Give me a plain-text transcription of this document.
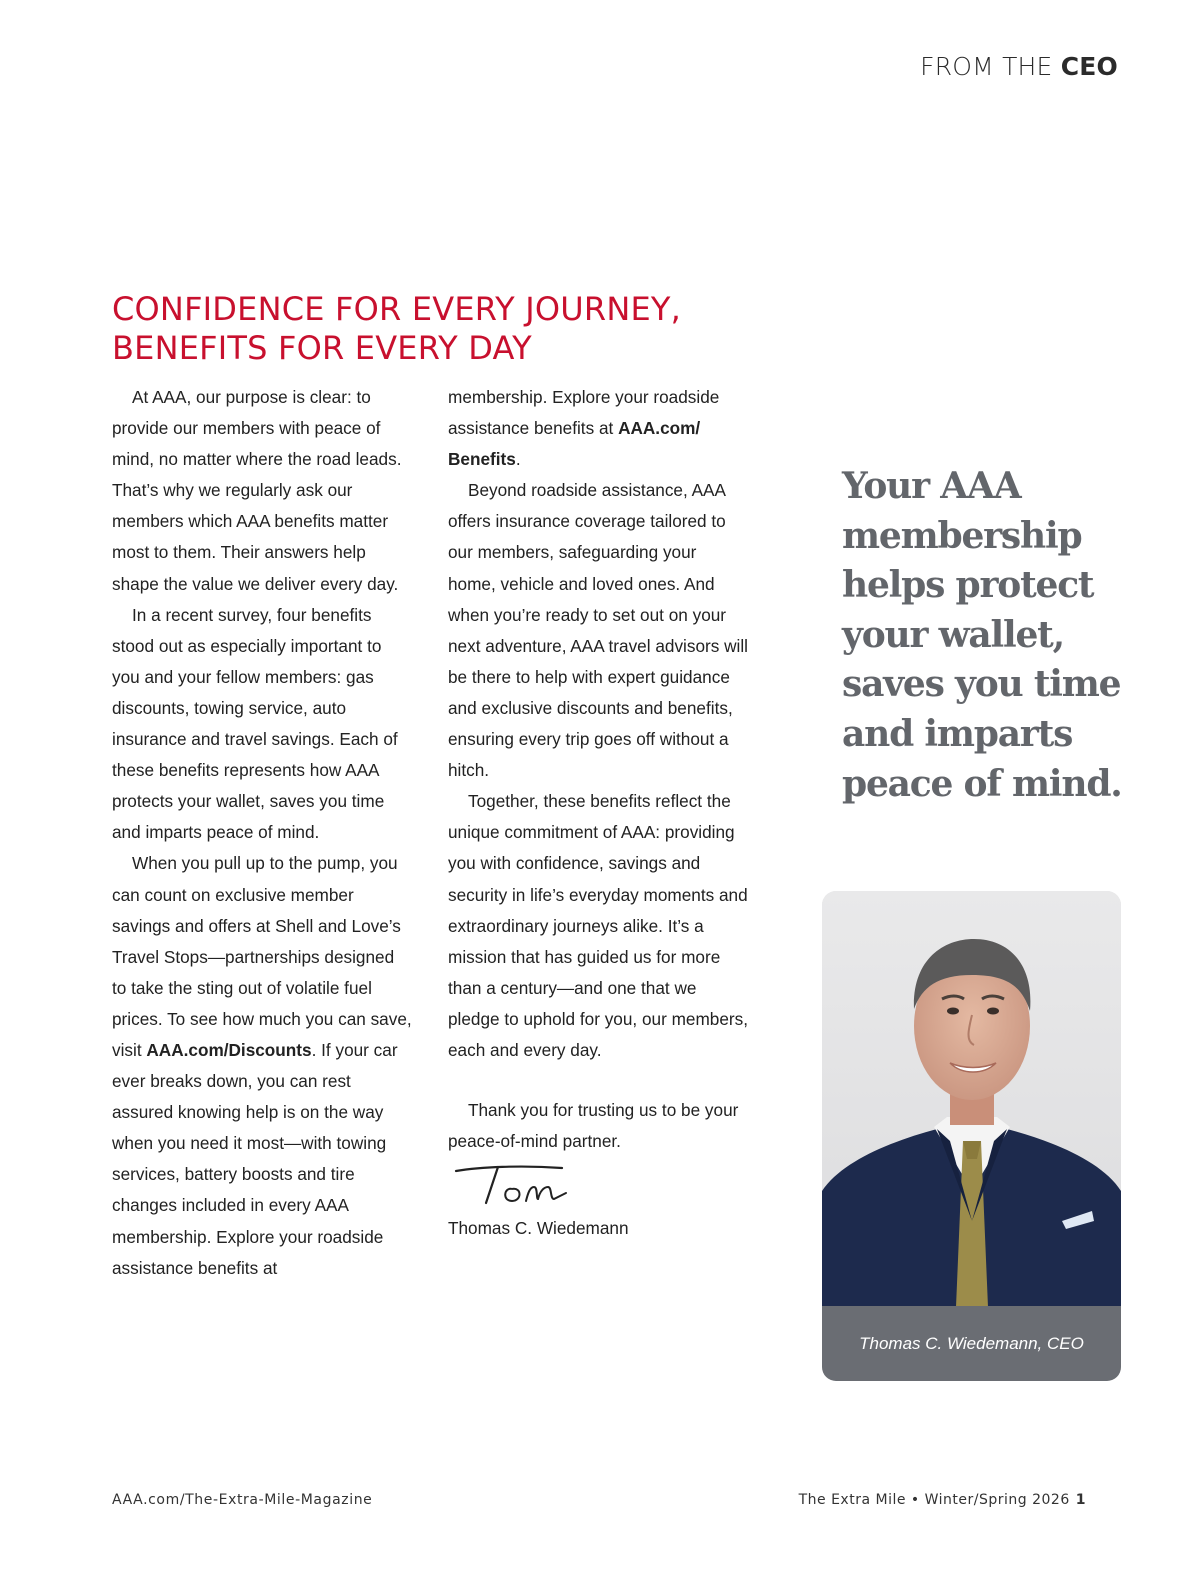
FROM THE CEO
CONFIDENCE FOR EVERY JOURNEY, BENEFITS FOR EVERY DAY

At AAA, our purpose is clear: to provide our members with peace of mind, no matter where the road leads. That’s why we regularly ask our members which AAA benefits matter most to them. Their answers help shape the value we deliver every day.

In a recent survey, four benefits stood out as especially important to you and your fellow members: gas discounts, towing service, auto insurance and travel savings. Each of these benefits represents how AAA protects your wallet, saves you time and imparts peace of mind.

When you pull up to the pump, you can count on exclusive member savings and offers at Shell and Love’s Travel Stops—partnerships designed to take the sting out of volatile fuel prices. To see how much you can save, visit AAA.com/Discounts. If your car ever breaks down, you can rest assured knowing help is on the way when you need it most—with towing services, battery boosts and tire changes included in every AAA membership. Explore your roadside assistance benefits at

membership. Explore your roadside assistance benefits at AAA.com/ Benefits.

Beyond roadside assistance, AAA offers insurance coverage tailored to our members, safeguarding your home, vehicle and loved ones. And when you’re ready to set out on your next adventure, AAA travel advisors will be there to help with expert guidance and exclusive discounts and benefits, ensuring every trip goes off without a hitch.

Together, these benefits reflect the unique commitment of AAA: providing you with confidence, savings and security in life’s everyday moments and extraordinary journeys alike. It’s a mission that has guided us for more than a century—and one that we pledge to uphold for you, our members, each and every day.

Thank you for trusting us to be your peace-of-mind partner.

Thomas C. Wiedemann

Your AAA membership helps protect your wallet, saves you time and imparts peace of mind.

Thomas C. Wiedemann, CEO
AAA.com/The-Extra-Mile-Magazine	The Extra Mile • Winter/Spring 2026 1
